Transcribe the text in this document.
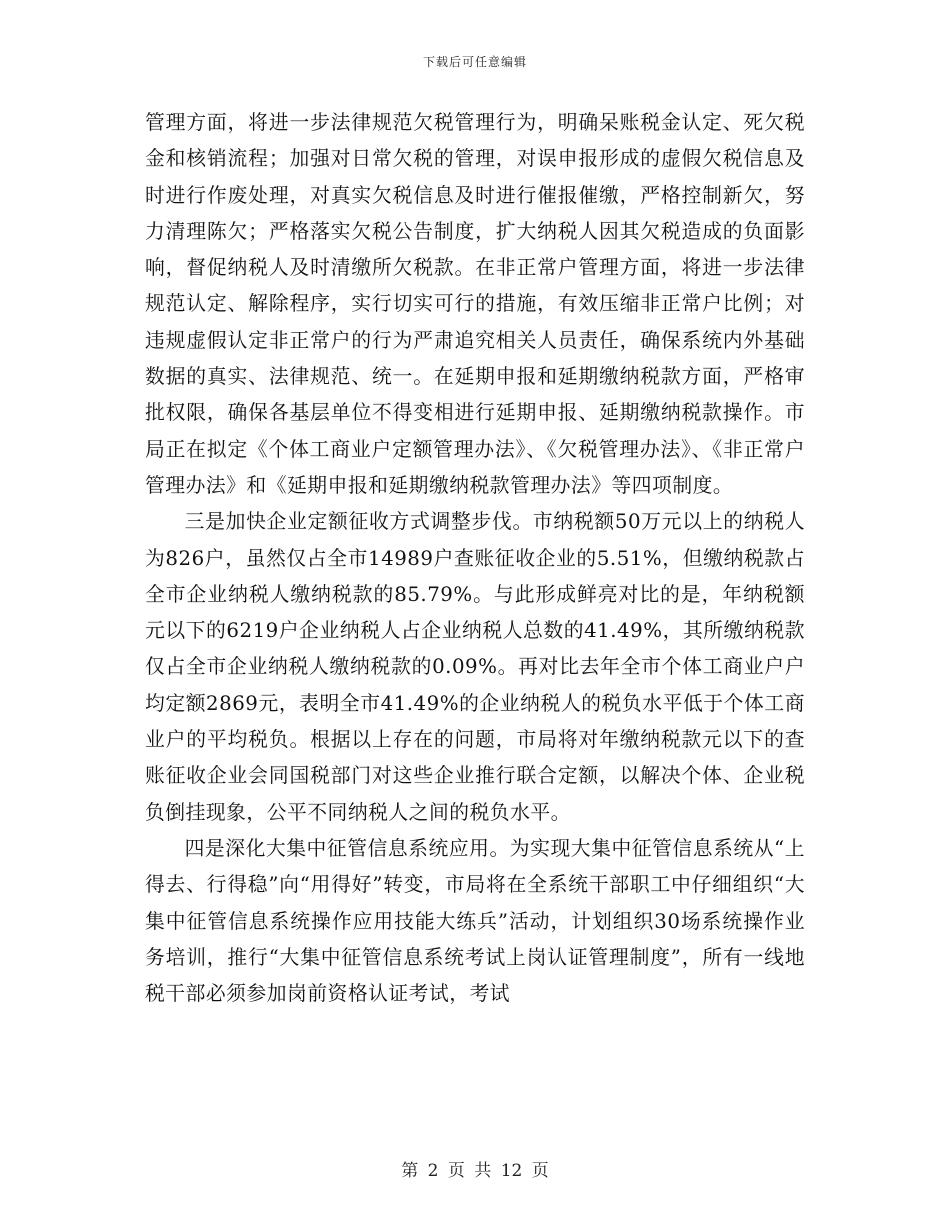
下载后可任意编辑

管理方面，将进一步法律规范欠税管理行为，明确呆账税金认定、死欠税金和核销流程；加强对日常欠税的管理，对误申报形成的虚假欠税信息及时进行作废处理，对真实欠税信息及时进行催报催缴，严格控制新欠，努力清理陈欠；严格落实欠税公告制度，扩大纳税人因其欠税造成的负面影响，督促纳税人及时清缴所欠税款。在非正常户管理方面，将进一步法律规范认定、解除程序，实行切实可行的措施，有效压缩非正常户比例；对违规虚假认定非正常户的行为严肃追究相关人员责任，确保系统内外基础数据的真实、法律规范、统一。在延期申报和延期缴纳税款方面，严格审批权限，确保各基层单位不得变相进行延期申报、延期缴纳税款操作。市局正在拟定《个体工商业户定额管理办法》、《欠税管理办法》、《非正常户管理办法》和《延期申报和延期缴纳税款管理办法》等四项制度。

三是加快企业定额征收方式调整步伐。市纳税额50万元以上的纳税人为826户，虽然仅占全市14989户查账征收企业的5.51%，但缴纳税款占全市企业纳税人缴纳税款的85.79%。与此形成鲜亮对比的是，年纳税额元以下的6219户企业纳税人占企业纳税人总数的41.49%，其所缴纳税款仅占全市企业纳税人缴纳税款的0.09%。再对比去年全市个体工商业户户均定额2869元，表明全市41.49%的企业纳税人的税负水平低于个体工商业户的平均税负。根据以上存在的问题，市局将对年缴纳税款元以下的查账征收企业会同国税部门对这些企业推行联合定额，以解决个体、企业税负倒挂现象，公平不同纳税人之间的税负水平。

四是深化大集中征管信息系统应用。为实现大集中征管信息系统从“上得去、行得稳”向“用得好”转变，市局将在全系统干部职工中仔细组织“大集中征管信息系统操作应用技能大练兵”活动，计划组织30场系统操作业务培训，推行“大集中征管信息系统考试上岗认证管理制度”，所有一线地税干部必须参加岗前资格认证考试，考试

第 2 页 共 12 页
